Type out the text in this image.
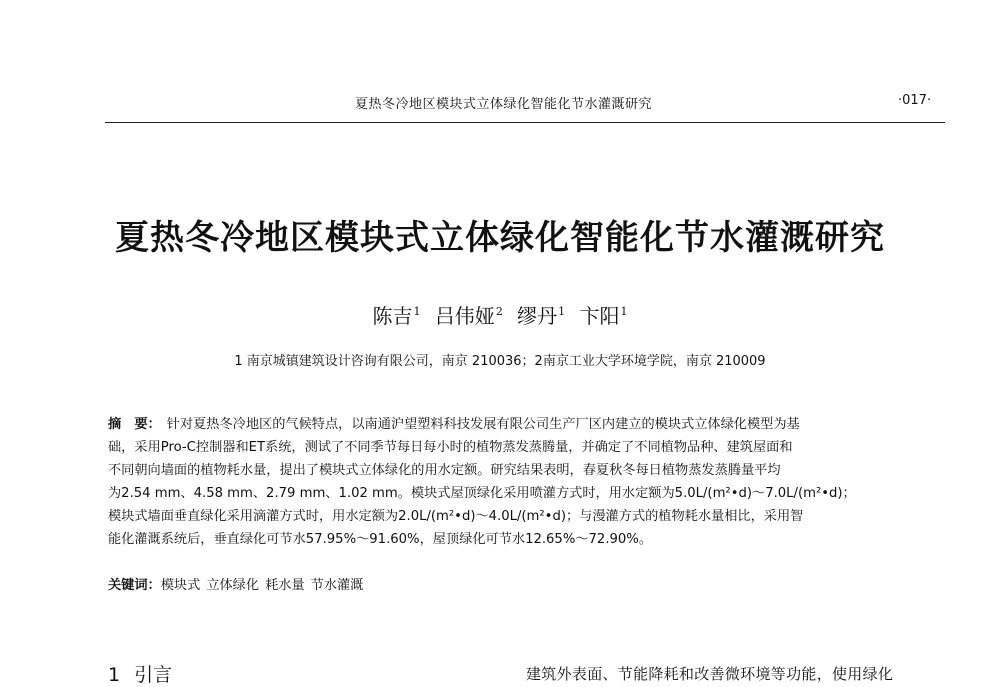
夏热冬冷地区模块式立体绿化智能化节水灌溉研究	·017·
夏热冬冷地区模块式立体绿化智能化节水灌溉研究
陈吉$^1$ 吕伟娅$^2$ 缪丹$^1$ 卞阳$^1$
1 南京城镇建筑设计咨询有限公司，南京 210036；2南京工业大学环境学院，南京 210009
摘　要： 针对夏热冬冷地区的气候特点，以南通沪望塑料科技发展有限公司生产厂区内建立的模块式立体绿化模型为基
础，采用Pro-C控制器和ET系统，测试了不同季节每日每小时的植物蒸发蒸腾量，并确定了不同植物品种、建筑屋面和
不同朝向墙面的植物耗水量，提出了模块式立体绿化的用水定额。研究结果表明，春夏秋冬每日植物蒸发蒸腾量平均
为2.54 mm、4.58 mm、2.79 mm、1.02 mm。模块式屋顶绿化采用喷灌方式时，用水定额为5.0L/(m²•d)～7.0L/(m²•d)；
模块式墙面垂直绿化采用滴灌方式时，用水定额为2.0L/(m²•d)～4.0L/(m²•d)；与漫灌方式的植物耗水量相比，采用智
能化灌溉系统后，垂直绿化可节水57.95%～91.60%，屋顶绿化可节水12.65%～72.90%。
关键词：模块式 立体绿化 耗水量 节水灌溉
1 引言	建筑外表面、节能降耗和改善微环境等功能，使用绿化
